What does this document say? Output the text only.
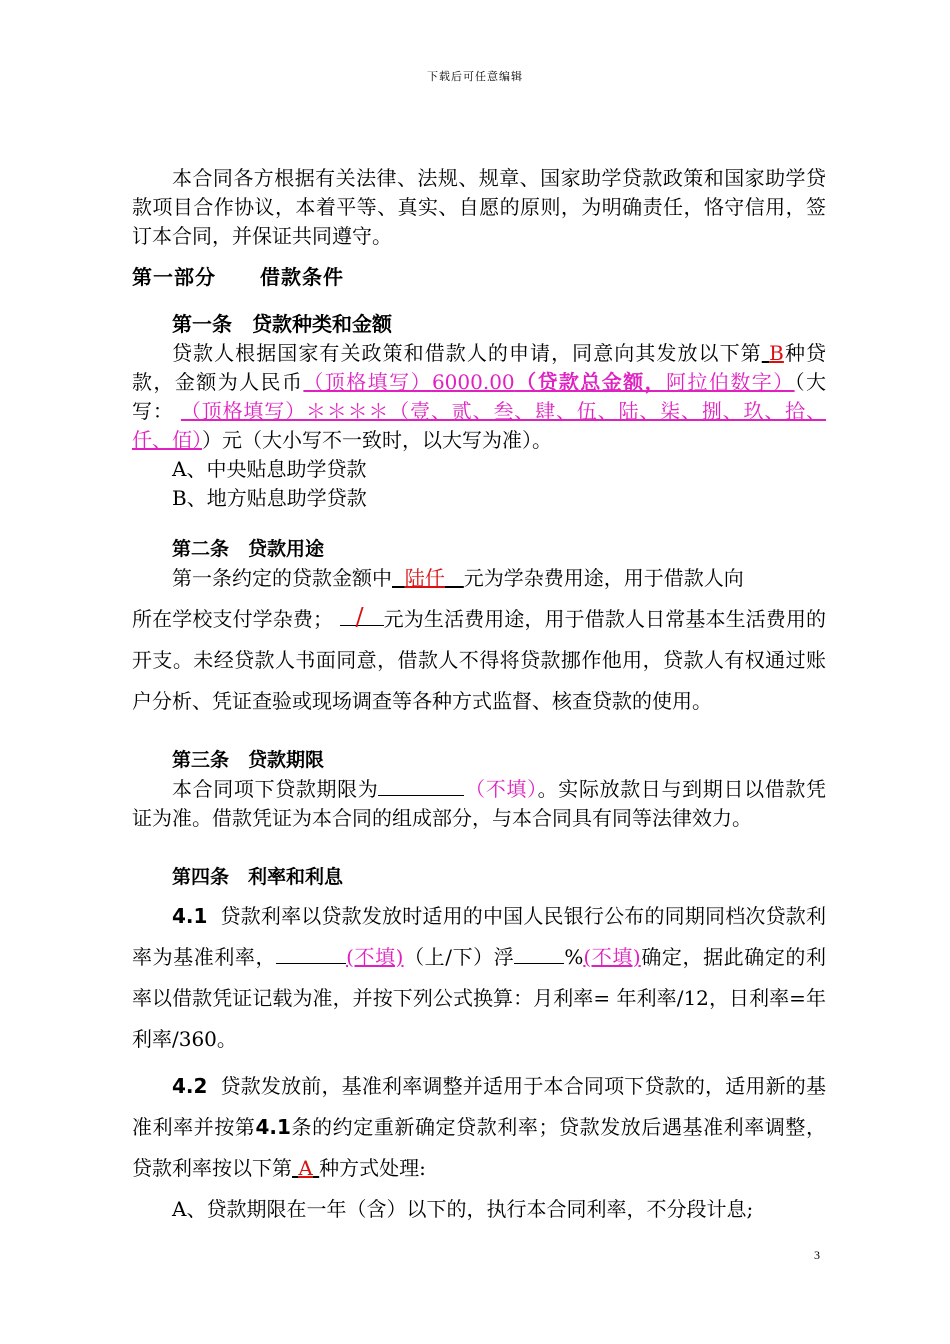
下载后可任意编辑

本合同各方根据有关法律、法规、规章、国家助学贷款政策和国家助学贷款项目合作协议，本着平等、真实、自愿的原则，为明确责任，恪守信用，签订本合同，并保证共同遵守。

第一部分 借款条件

第一条　贷款种类和金额

贷款人根据国家有关政策和借款人的申请，同意向其发放以下第 B种贷款，金额为人民币（顶格填写）6000.00（贷款总金额，阿拉伯数字）（大写： （顶格填写）＊＊＊＊（壹、贰、叁、肆、伍、陆、柒、捌、玖、拾、仟、佰））元（大小写不一致时，以大写为准）。

A、中央贴息助学贷款

B、地方贴息助学贷款

第二条　贷款用途

第一条约定的贷款金额中 陆仟 元为学杂费用途，用于借款人向

所在学校支付学杂费； / 元为生活费用途，用于借款人日常基本生活费用的开支。未经贷款人书面同意，借款人不得将贷款挪作他用，贷款人有权通过账户分析、凭证查验或现场调查等各种方式监督、核查贷款的使用。

第三条　贷款期限

本合同项下贷款期限为	（不填）。实际放款日与到期日以借款凭证为准。借款凭证为本合同的组成部分，与本合同具有同等法律效力。

第四条　利率和利息

4.1 贷款利率以贷款发放时适用的中国人民银行公布的同期同档次贷款利率为基准利率，	(不填)（上/下）浮	%(不填)确定，据此确定的利率以借款凭证记载为准，并按下列公式换算：月利率= 年利率/12，日利率=年利率/360。

4.2 贷款发放前，基准利率调整并适用于本合同项下贷款的，适用新的基准利率并按第4.1条的约定重新确定贷款利率；贷款发放后遇基准利率调整，贷款利率按以下第 A 种方式处理:

A、贷款期限在一年（含）以下的，执行本合同利率，不分段计息;

3
